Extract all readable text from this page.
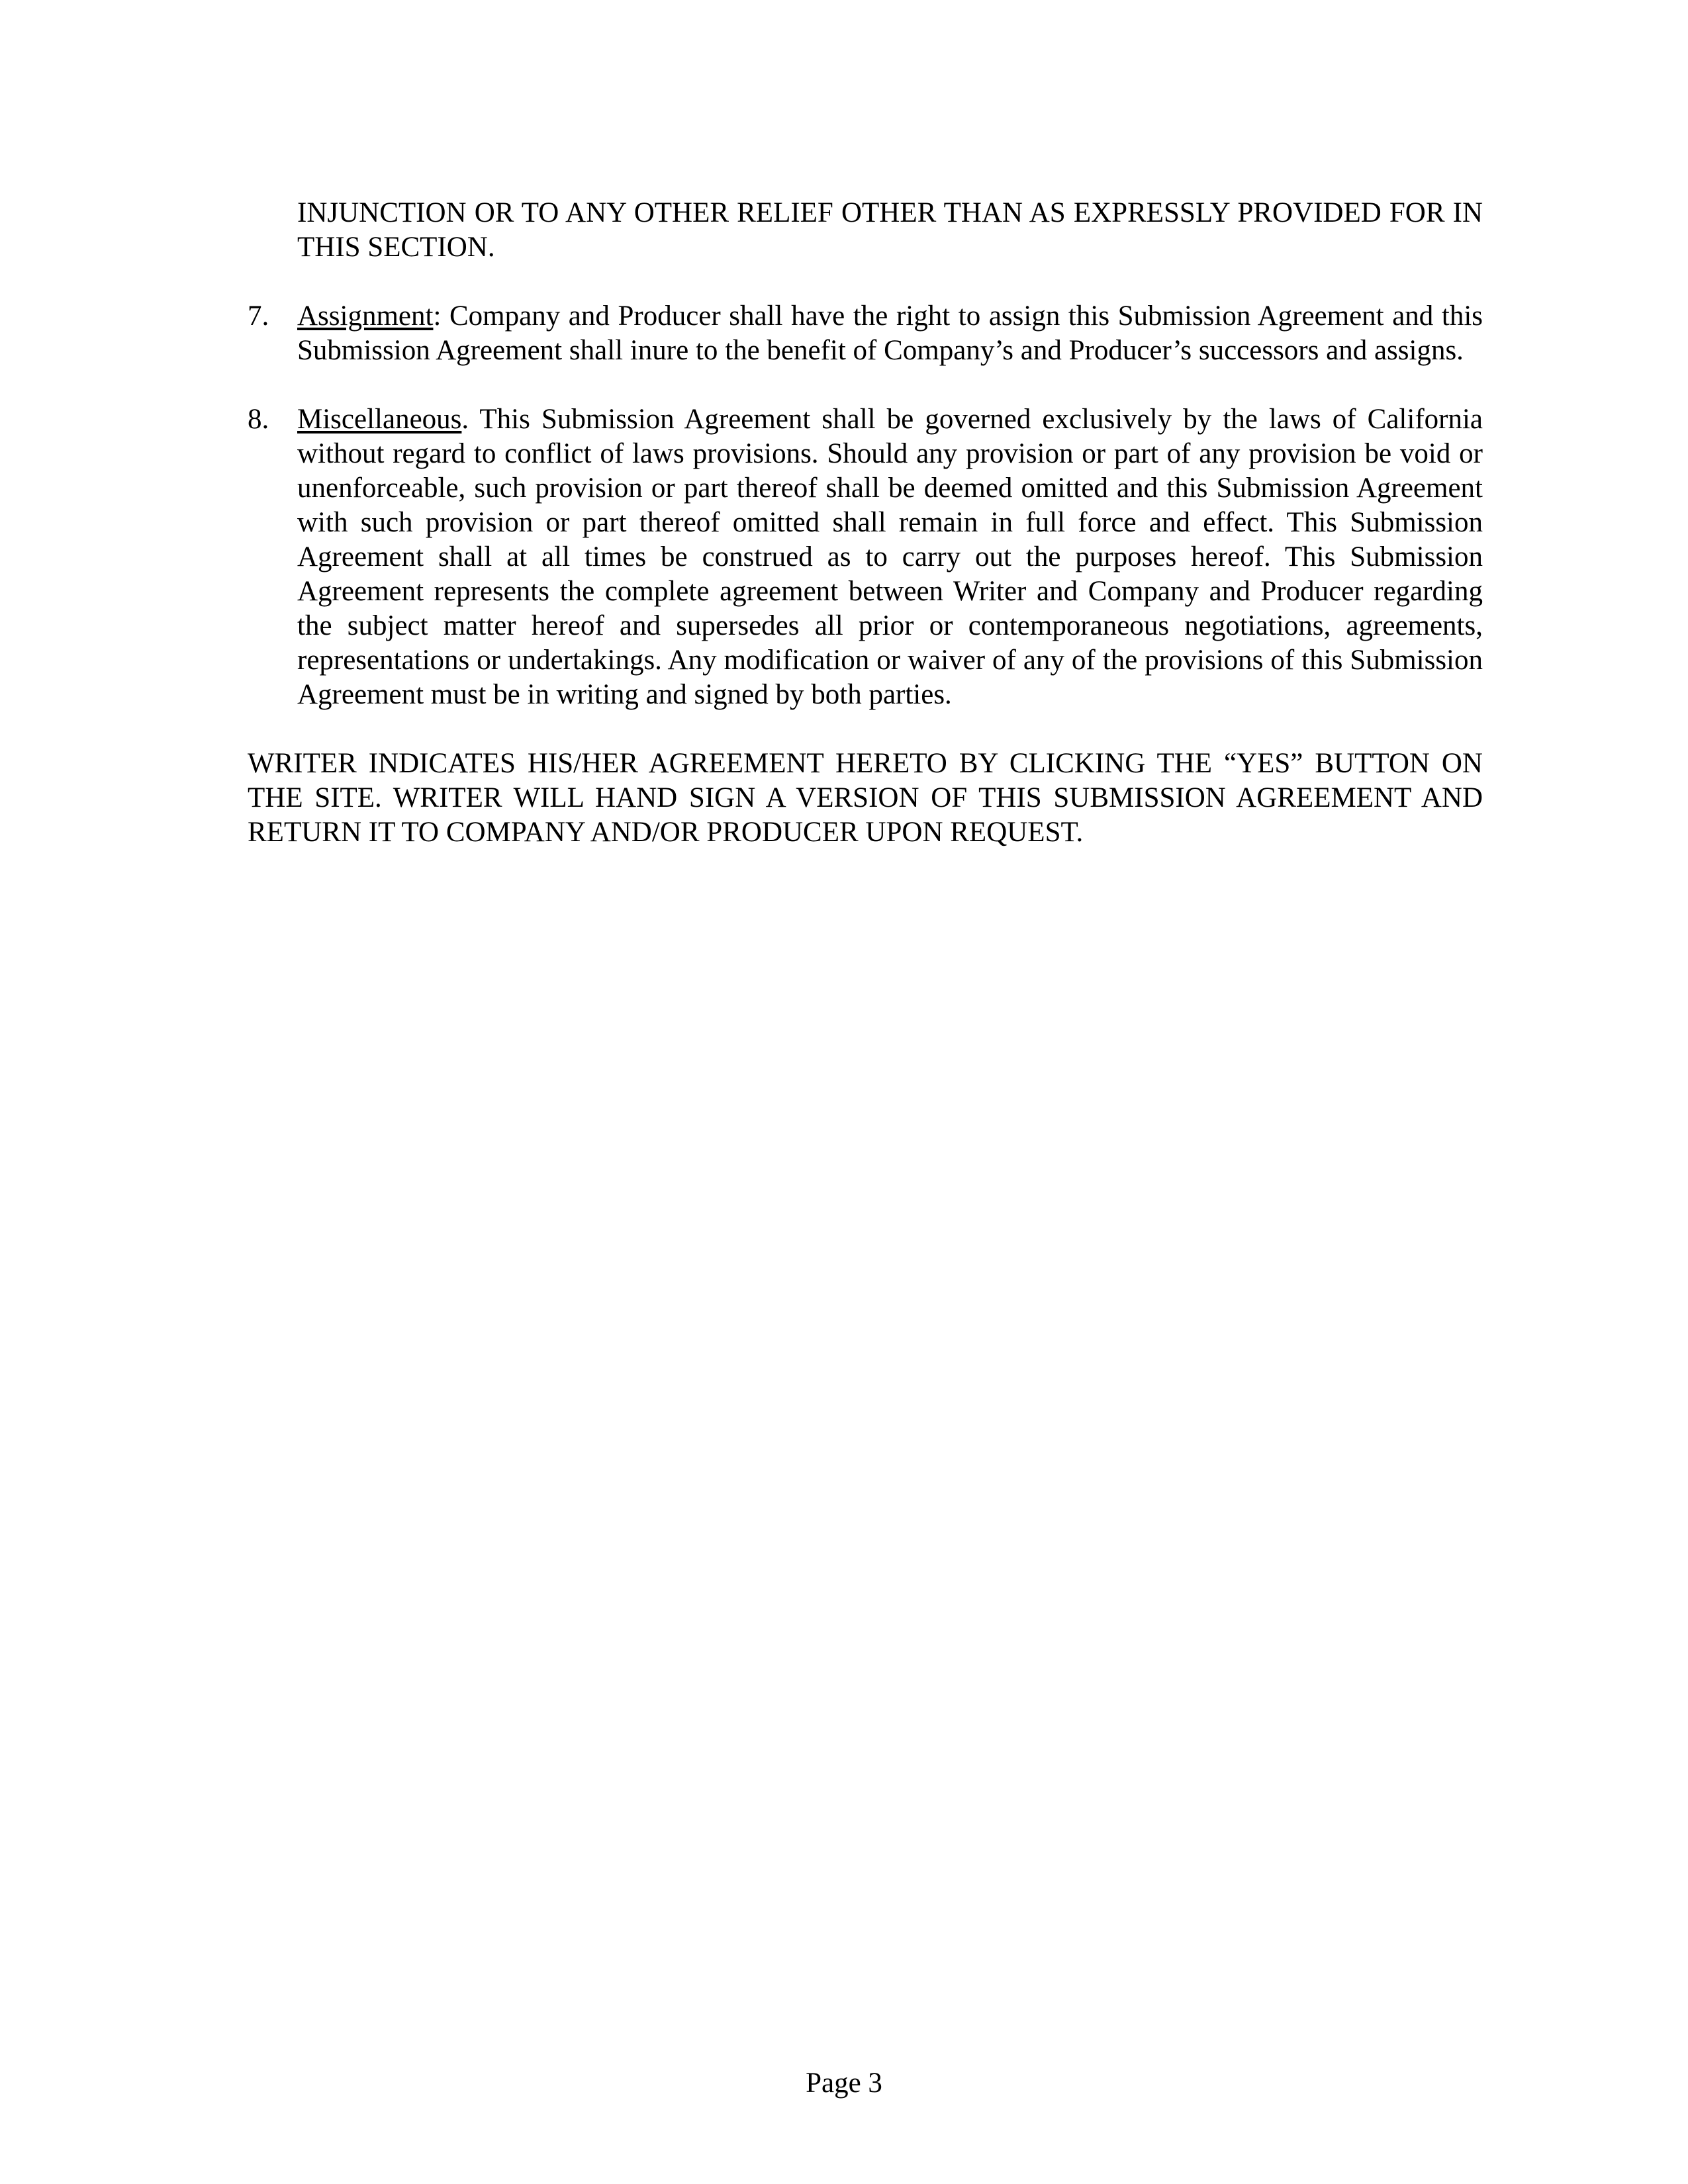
INJUNCTION OR TO ANY OTHER RELIEF OTHER THAN AS EXPRESSLY PROVIDED FOR IN THIS SECTION.

7. Assignment: Company and Producer shall have the right to assign this Submission Agreement and this Submission Agreement shall inure to the benefit of Company’s and Producer’s successors and assigns.
8. Miscellaneous. This Submission Agreement shall be governed exclusively by the laws of California without regard to conflict of laws provisions. Should any provision or part of any provision be void or unenforceable, such provision or part thereof shall be deemed omitted and this Submission Agreement with such provision or part thereof omitted shall remain in full force and effect. This Submission Agreement shall at all times be construed as to carry out the purposes hereof. This Submission Agreement represents the complete agreement between Writer and Company and Producer regarding the subject matter hereof and supersedes all prior or contemporaneous negotiations, agreements, representations or undertakings. Any modification or waiver of any of the provisions of this Submission Agreement must be in writing and signed by both parties.

WRITER INDICATES HIS/HER AGREEMENT HERETO BY CLICKING THE “YES” BUTTON ON THE SITE. WRITER WILL HAND SIGN A VERSION OF THIS SUBMISSION AGREEMENT AND RETURN IT TO COMPANY AND/OR PRODUCER UPON REQUEST.

Page 3
